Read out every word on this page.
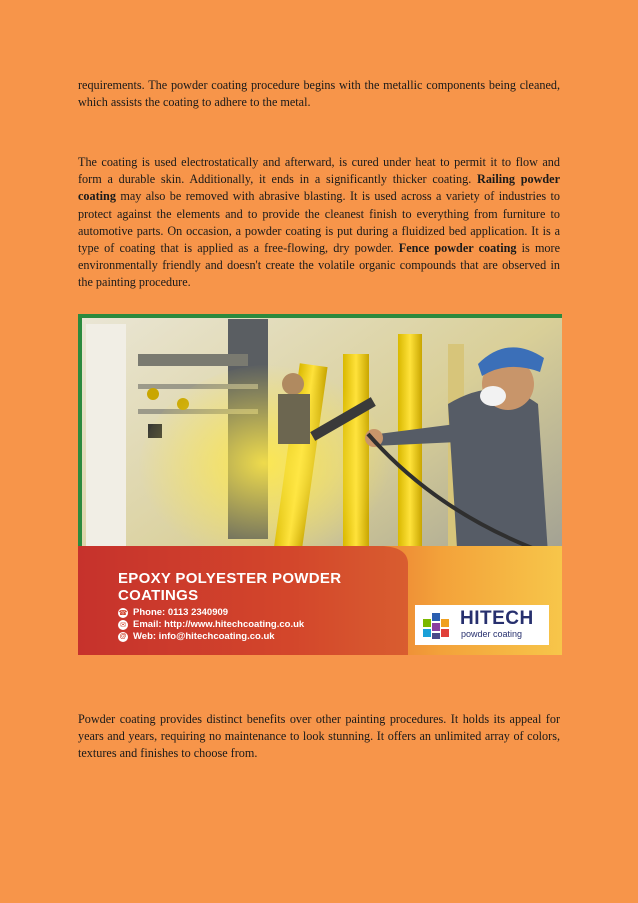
requirements. The powder coating procedure begins with the metallic components being cleaned, which assists the coating to adhere to the metal.

The coating is used electrostatically and afterward, is cured under heat to permit it to flow and form a durable skin. Additionally, it ends in a significantly thicker coating. Railing powder coating may also be removed with abrasive blasting. It is used across a variety of industries to protect against the elements and to provide the cleanest finish to everything from furniture to automotive parts. On occasion, a powder coating is put during a fluidized bed application. It is a type of coating that is applied as a free-flowing, dry powder. Fence powder coating is more environmentally friendly and doesn't create the volatile organic compounds that are observed in the painting procedure.

EPOXY POLYESTER POWDER COATINGS

☎ Phone: 0113 2340909
✉ Email: http://www.hitechcoating.co.uk
@ Web: info@hitechcoating.co.uk
HITECH
powder coating

Powder coating provides distinct benefits over other painting procedures. It holds its appeal for years and years, requiring no maintenance to look stunning. It offers an unlimited array of colors, textures and finishes to choose from.
